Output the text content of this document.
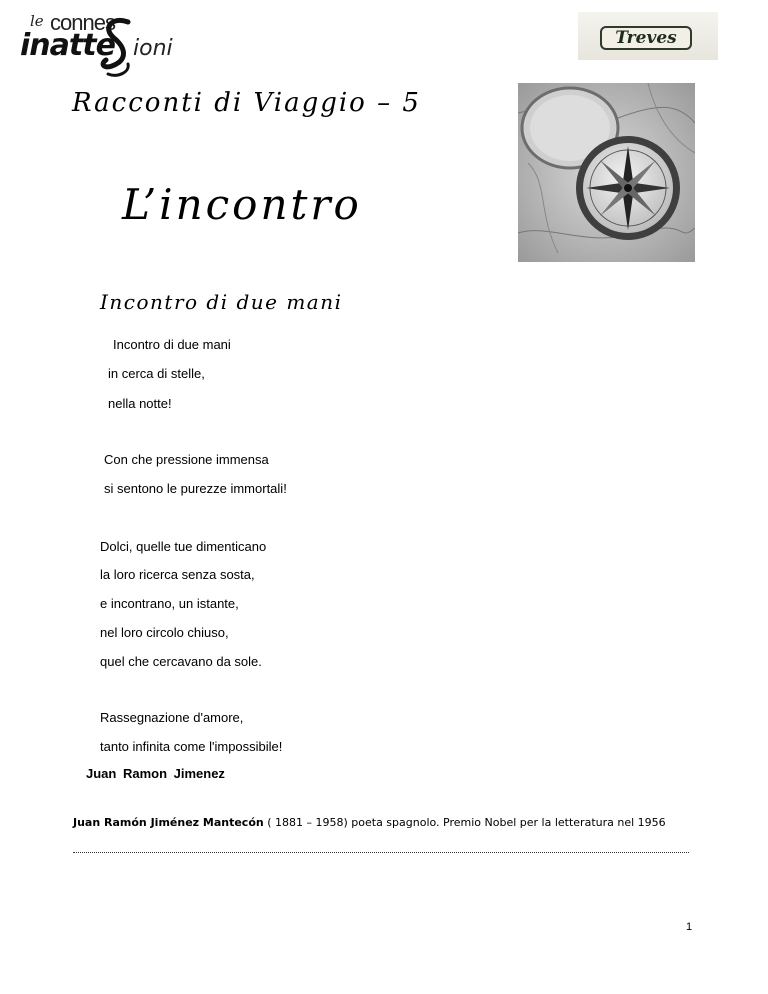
le connes
inatte ioni	Treves
Racconti di Viaggio – 5
L’incontro
Incontro di due mani
Incontro di due mani
in cerca di stelle,
nella notte!
Con che pressione immensa
si sentono le purezze immortali!
Dolci, quelle tue dimenticano
la loro ricerca senza sosta,
e incontrano, un istante,
nel loro circolo chiuso,
quel che cercavano da sole.
Rassegnazione d'amore,
tanto infinita come l'impossibile!
Juan Ramon Jimenez
Juan Ramón Jiménez Mantecón ( 1881 – 1958) poeta spagnolo. Premio Nobel per la letteratura nel 1956
1
